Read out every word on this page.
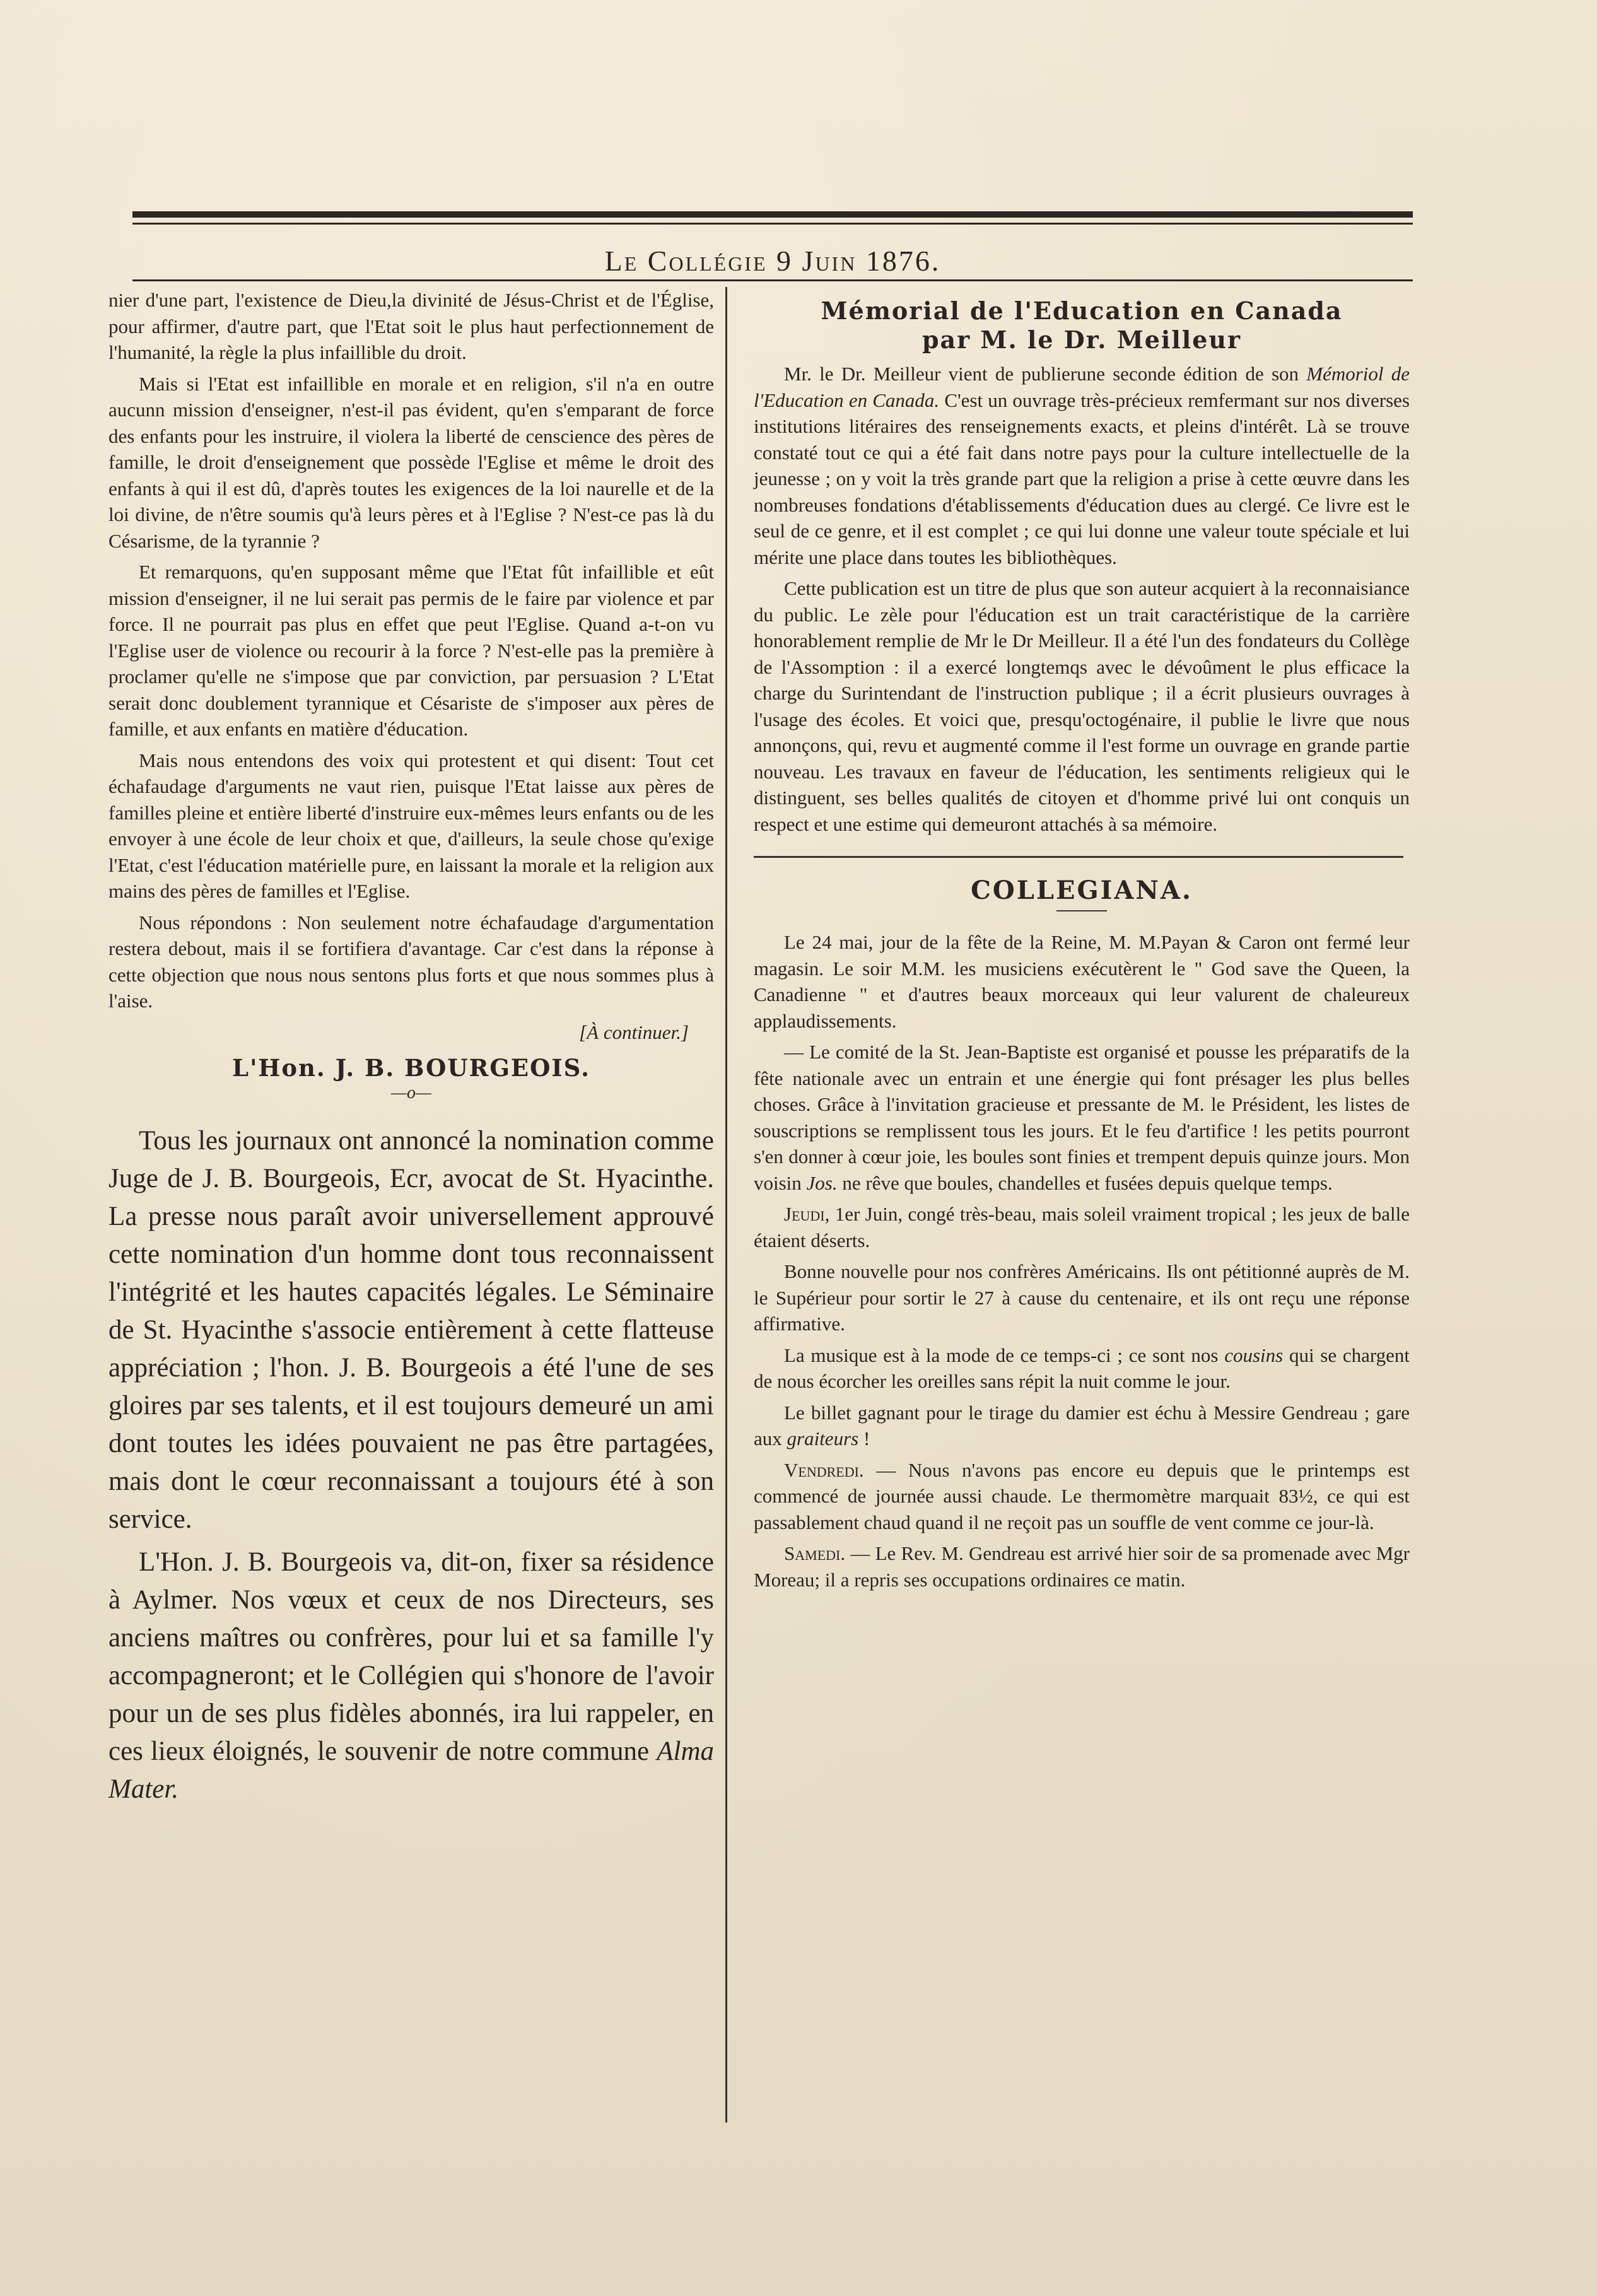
Le Collégie 9 Juin 1876.

nier d'une part, l'existence de Dieu,la divinité de Jésus-Christ et de l'Église, pour affirmer, d'autre part, que l'Etat soit le plus haut perfectionnement de l'humanité, la règle la plus infaillible du droit.

Mais si l'Etat est infaillible en morale et en religion, s'il n'a en outre aucunn mission d'enseigner, n'est-il pas évident, qu'en s'emparant de force des enfants pour les instruire, il violera la liberté de censcience des pères de famille, le droit d'enseignement que possède l'Eglise et même le droit des enfants à qui il est dû, d'après toutes les exigences de la loi naurelle et de la loi divine, de n'être soumis qu'à leurs pères et à l'Eglise ? N'est-ce pas là du Césarisme, de la tyrannie ?

Et remarquons, qu'en supposant même que l'Etat fût infaillible et eût mission d'enseigner, il ne lui serait pas permis de le faire par violence et par force. Il ne pourrait pas plus en effet que peut l'Eglise. Quand a-t-on vu l'Eglise user de violence ou recourir à la force ? N'est-elle pas la première à proclamer qu'elle ne s'impose que par conviction, par persuasion ? L'Etat serait donc doublement tyrannique et Césariste de s'imposer aux pères de famille, et aux enfants en matière d'éducation.

Mais nous entendons des voix qui protestent et qui disent: Tout cet échafaudage d'arguments ne vaut rien, puisque l'Etat laisse aux pères de familles pleine et entière liberté d'instruire eux-mêmes leurs enfants ou de les envoyer à une école de leur choix et que, d'ailleurs, la seule chose qu'exige l'Etat, c'est l'éducation matérielle pure, en laissant la morale et la religion aux mains des pères de familles et l'Eglise.

Nous répondons : Non seulement notre échafaudage d'argumentation restera debout, mais il se fortifiera d'avantage. Car c'est dans la réponse à cette objection que nous nous sentons plus forts et que nous sommes plus à l'aise.

[À continuer.]

L'Hon. J. B. BOURGEOIS.
—o—

Tous les journaux ont annoncé la nomination comme Juge de J. B. Bourgeois, Ecr, avocat de St. Hyacinthe. La presse nous paraît avoir universellement approuvé cette nomination d'un homme dont tous reconnaissent l'intégrité et les hautes capacités légales. Le Séminaire de St. Hyacinthe s'associe entièrement à cette flatteuse appréciation ; l'hon. J. B. Bourgeois a été l'une de ses gloires par ses talents, et il est toujours demeuré un ami dont toutes les idées pouvaient ne pas être partagées, mais dont le cœur reconnaissant a toujours été à son service.

L'Hon. J. B. Bourgeois va, dit-on, fixer sa résidence à Aylmer. Nos vœux et ceux de nos Directeurs, ses anciens maîtres ou confrères, pour lui et sa famille l'y accompagneront; et le Collégien qui s'honore de l'avoir pour un de ses plus fidèles abonnés, ira lui rappeler, en ces lieux éloignés, le souvenir de notre commune Alma Mater.

Mémorial de l'Education en Canada
par M. le Dr. Meilleur

Mr. le Dr. Meilleur vient de publierune seconde édition de son Mémoriol de l'Education en Canada. C'est un ouvrage très-précieux remfermant sur nos diverses institutions litéraires des renseignements exacts, et pleins d'intérêt. Là se trouve constaté tout ce qui a été fait dans notre pays pour la culture intellectuelle de la jeunesse ; on y voit la très grande part que la religion a prise à cette œuvre dans les nombreuses fondations d'établissements d'éducation dues au clergé. Ce livre est le seul de ce genre, et il est complet ; ce qui lui donne une valeur toute spéciale et lui mérite une place dans toutes les bibliothèques.

Cette publication est un titre de plus que son auteur acquiert à la reconnaisiance du public. Le zèle pour l'éducation est un trait caractéristique de la carrière honorablement remplie de Mr le Dr Meilleur. Il a été l'un des fondateurs du Collège de l'Assomption : il a exercé longtemqs avec le dévoûment le plus efficace la charge du Surintendant de l'instruction publique ; il a écrit plusieurs ouvrages à l'usage des écoles. Et voici que, presqu'octogénaire, il publie le livre que nous annonçons, qui, revu et augmenté comme il l'est forme un ouvrage en grande partie nouveau. Les travaux en faveur de l'éducation, les sentiments religieux qui le distinguent, ses belles qualités de citoyen et d'homme privé lui ont conquis un respect et une estime qui demeuront attachés à sa mémoire.

COLLEGIANA.

Le 24 mai, jour de la fête de la Reine, M. M.Payan & Caron ont fermé leur magasin. Le soir M.M. les musiciens exécutèrent le " God save the Queen, la Canadienne " et d'autres beaux morceaux qui leur valurent de chaleureux applaudissements.

— Le comité de la St. Jean-Baptiste est organisé et pousse les préparatifs de la fête nationale avec un entrain et une énergie qui font présager les plus belles choses. Grâce à l'invitation gracieuse et pressante de M. le Président, les listes de souscriptions se remplissent tous les jours. Et le feu d'artifice ! les petits pourront s'en donner à cœur joie, les boules sont finies et trempent depuis quinze jours. Mon voisin Jos. ne rêve que boules, chandelles et fusées depuis quelque temps.

Jeudi, 1er Juin, congé très-beau, mais soleil vraiment tropical ; les jeux de balle étaient déserts.

Bonne nouvelle pour nos confrères Américains. Ils ont pétitionné auprès de M. le Supérieur pour sortir le 27 à cause du centenaire, et ils ont reçu une réponse affirmative.

La musique est à la mode de ce temps-ci ; ce sont nos cousins qui se chargent de nous écorcher les oreilles sans répit la nuit comme le jour.

Le billet gagnant pour le tirage du damier est échu à Messire Gendreau ; gare aux graiteurs !

Vendredi. — Nous n'avons pas encore eu depuis que le printemps est commencé de journée aussi chaude. Le thermomètre marquait 83½, ce qui est passablement chaud quand il ne reçoit pas un souffle de vent comme ce jour-là.

Samedi. — Le Rev. M. Gendreau est arrivé hier soir de sa promenade avec Mgr Moreau; il a repris ses occupations ordinaires ce matin.
